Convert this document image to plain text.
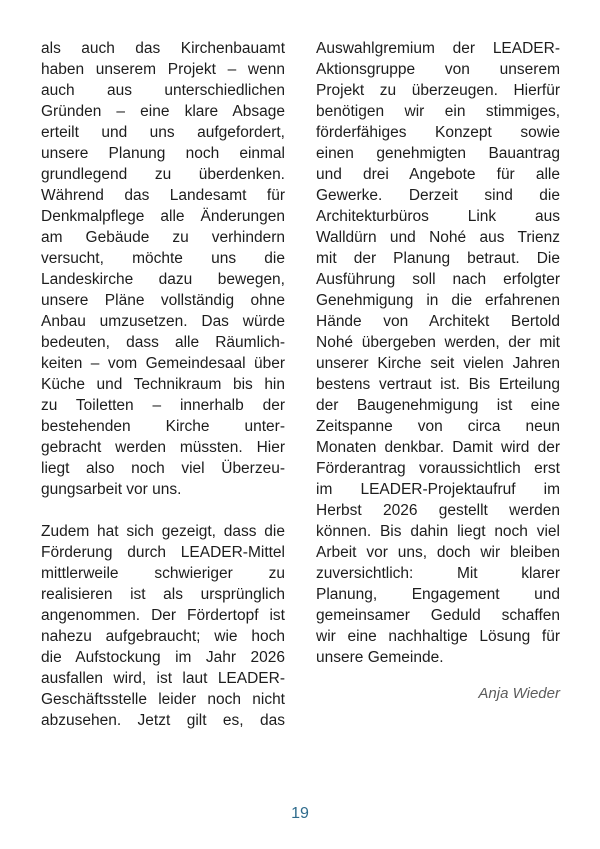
als auch das Kirchenbauamt
haben unserem Projekt – wenn
auch aus unterschiedlichen
Gründen – eine klare Absage
erteilt und uns aufgefordert,
unsere Planung noch einmal
grundlegend zu überdenken.
Während das Landesamt für
Denkmalpflege alle Änderungen
am Gebäude zu verhindern
versucht, möchte uns die
Landeskirche dazu bewegen,
unsere Pläne vollständig ohne
Anbau umzusetzen. Das würde
bedeuten, dass alle Räumlich-
keiten – vom Gemeindesaal über
Küche und Technikraum bis hin
zu Toiletten – innerhalb der
bestehenden Kirche unter-
gebracht werden müssten. Hier
liegt also noch viel Überzeu-
gungsarbeit vor uns.
Zudem hat sich gezeigt, dass die
Förderung durch LEADER-Mittel
mittlerweile schwieriger zu
realisieren ist als ursprünglich
angenommen. Der Fördertopf ist
nahezu aufgebraucht; wie hoch
die Aufstockung im Jahr 2026
ausfallen wird, ist laut LEADER-
Geschäftsstelle leider noch nicht
abzusehen. Jetzt gilt es, das
Auswahlgremium der LEADER-
Aktionsgruppe von unserem
Projekt zu überzeugen. Hierfür
benötigen wir ein stimmiges,
förderfähiges Konzept sowie
einen genehmigten Bauantrag
und drei Angebote für alle
Gewerke. Derzeit sind die
Architekturbüros Link aus
Walldürn und Nohé aus Trienz
mit der Planung betraut. Die
Ausführung soll nach erfolgter
Genehmigung in die erfahrenen
Hände von Architekt Bertold
Nohé übergeben werden, der mit
unserer Kirche seit vielen Jahren
bestens vertraut ist. Bis Erteilung
der Baugenehmigung ist eine
Zeitspanne von circa neun
Monaten denkbar. Damit wird der
Förderantrag voraussichtlich erst
im LEADER-Projektaufruf im
Herbst 2026 gestellt werden
können. Bis dahin liegt noch viel
Arbeit vor uns, doch wir bleiben
zuversichtlich: Mit klarer
Planung, Engagement und
gemeinsamer Geduld schaffen
wir eine nachhaltige Lösung für
unsere Gemeinde.
Anja Wieder
19
